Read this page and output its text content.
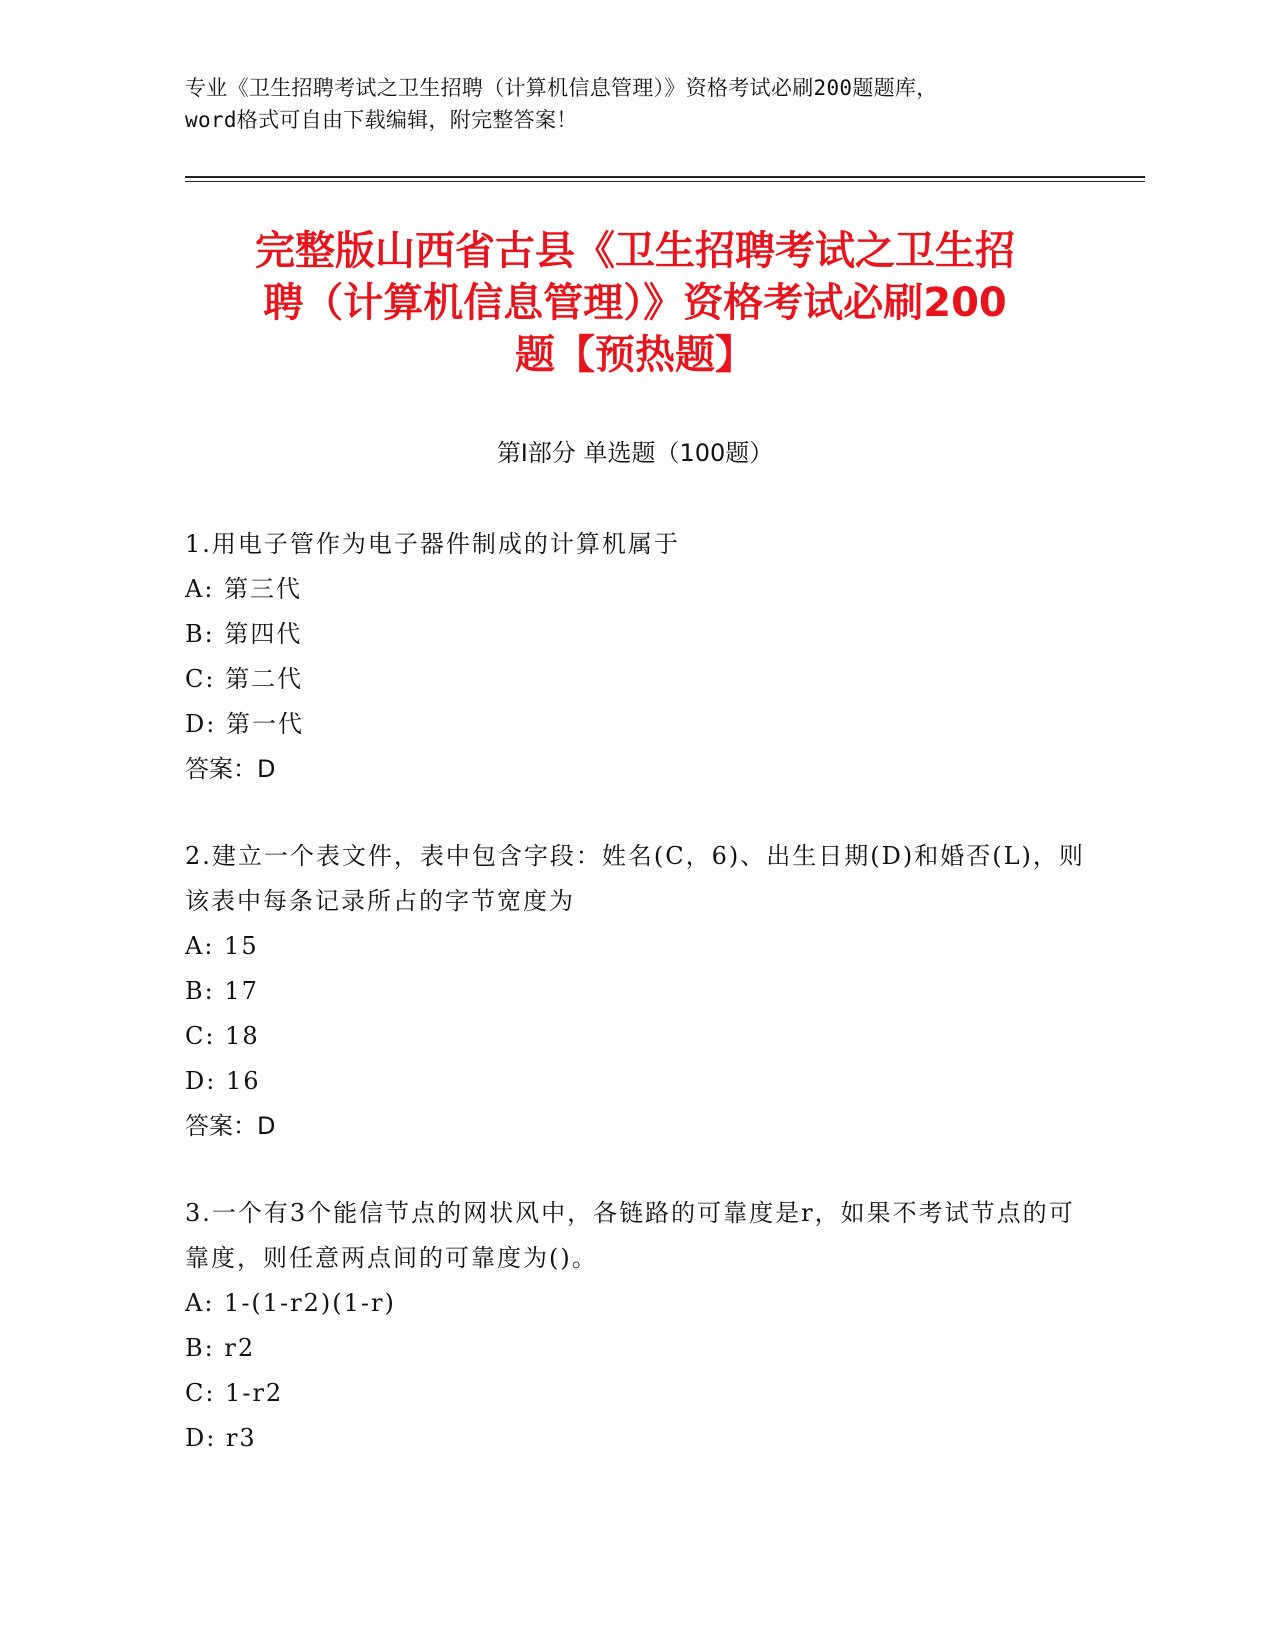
专业《卫生招聘考试之卫生招聘（计算机信息管理）》资格考试必刷200题题库，
word格式可自由下载编辑，附完整答案！
完整版山西省古县《卫生招聘考试之卫生招
聘（计算机信息管理）》资格考试必刷200
题【预热题】
第Ⅰ部分 单选题（100题）
1.用电子管作为电子器件制成的计算机属于
A: 第三代
B: 第四代
C: 第二代
D: 第一代
答案：D
2.建立一个表文件，表中包含字段：姓名(C，6)、出生日期(D)和婚否(L)，则该表中每条记录所占的字节宽度为
A: 15
B: 17
C: 18
D: 16
答案：D
3.一个有3个能信节点的网状风中，各链路的可靠度是r，如果不考试节点的可靠度，则任意两点间的可靠度为()。
A: 1-(1-r2)(1-r)
B: r2
C: 1-r2
D: r3
